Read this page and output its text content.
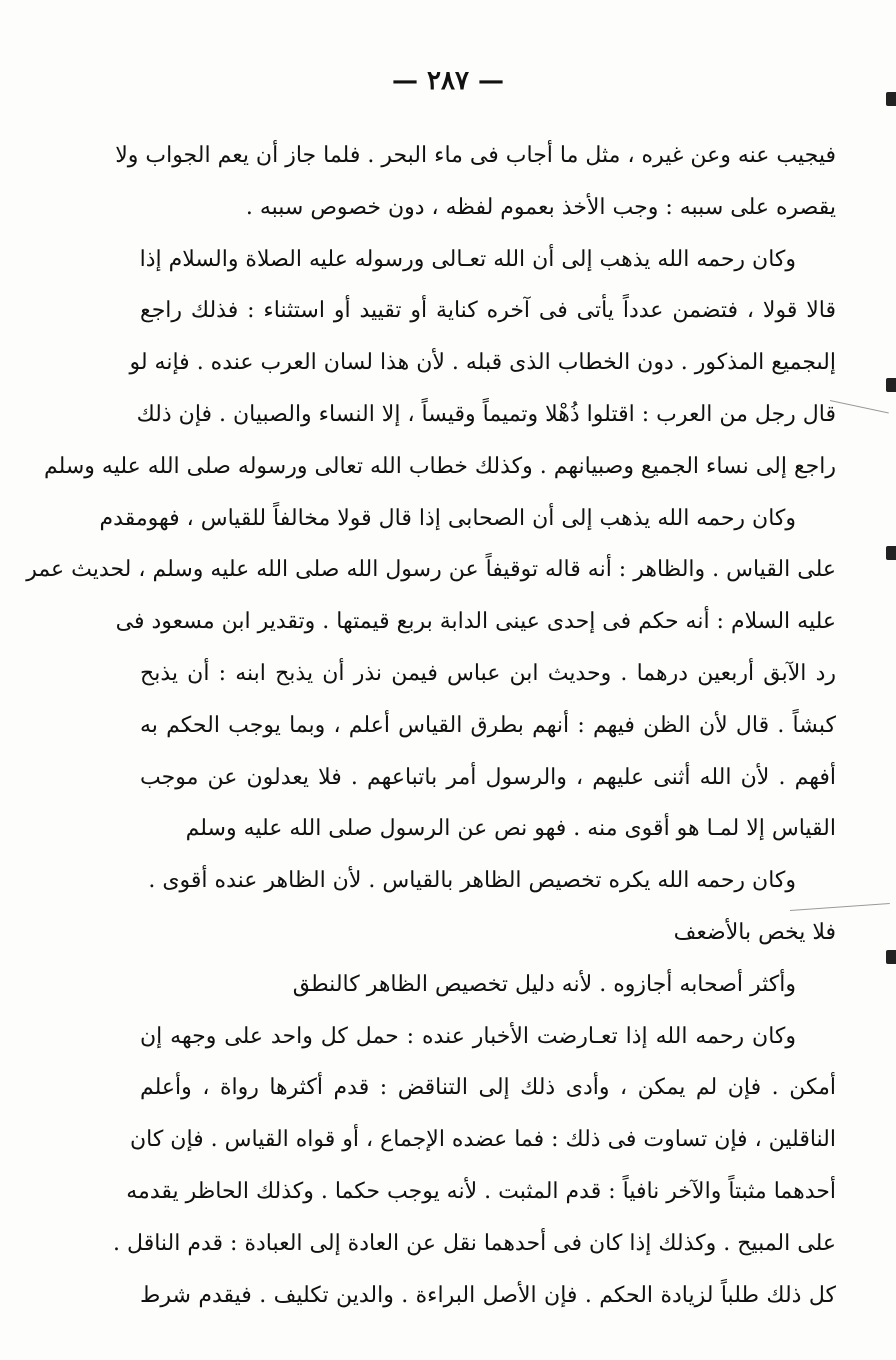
— ٢٨٧ —
فيجيب عنه وعن غيره ، مثل ما أجاب فى ماء البحر . فلما جاز أن يعم الجواب ولا
يقصره على سببه : وجب الأخذ بعموم لفظه ، دون خصوص سببه .
وكان رحمه الله يذهب إلى أن الله تعـالى ورسوله عليه الصلاة والسلام إذا
قالا قولا ، فتضمن عدداً يأتى فى آخره كناية أو تقييد أو استثناء : فذلك راجع
إلىجميع المذكور . دون الخطاب الذى قبله . لأن هذا لسان العرب عنده . فإنه لو
قال رجل من العرب : اقتلوا ذُهْلا وتميماً وقيساً ، إلا النساء والصبيان . فإن ذلك
راجع إلى نساء الجميع وصبيانهم . وكذلك خطاب الله تعالى ورسوله صلى الله عليه وسلم
وكان رحمه الله يذهب إلى أن الصحابى إذا قال قولا مخالفاً للقياس ، فهومقدم
على القياس . والظاهر : أنه قاله توقيفاً عن رسول الله صلى الله عليه وسلم ، لحديث عمر
عليه السلام : أنه حكم فى إحدى عينى الدابة بربع قيمتها . وتقدير ابن مسعود فى
رد الآبق أربعين درهما . وحديث ابن عباس فيمن نذر أن يذبح ابنه : أن يذبح
كبشاً . قال لأن الظن فيهم : أنهم بطرق القياس أعلم ، وبما يوجب الحكم به
أفهم . لأن الله أثنى عليهم ، والرسول أمر باتباعهم . فلا يعدلون عن موجب
القياس إلا لمـا هو أقوى منه . فهو نص عن الرسول صلى الله عليه وسلم
وكان رحمه الله يكره تخصيص الظاهر بالقياس . لأن الظاهر عنده أقوى .
فلا يخص بالأضعف
وأكثر أصحابه أجازوه . لأنه دليل تخصيص الظاهر كالنطق
وكان رحمه الله إذا تعـارضت الأخبار عنده : حمل كل واحد على وجهه إن
أمكن . فإن لم يمكن ، وأدى ذلك إلى التناقض : قدم أكثرها رواة ، وأعلم
الناقلين ، فإن تساوت فى ذلك : فما عضده الإجماع ، أو قواه القياس . فإن كان
أحدهما مثبتاً والآخر نافياً : قدم المثبت . لأنه يوجب حكما . وكذلك الحاظر يقدمه
على المبيح . وكذلك إذا كان فى أحدهما نقل عن العادة إلى العبادة : قدم الناقل .
كل ذلك طلباً لزيادة الحكم . فإن الأصل البراءة . والدين تكليف . فيقدم شرط
